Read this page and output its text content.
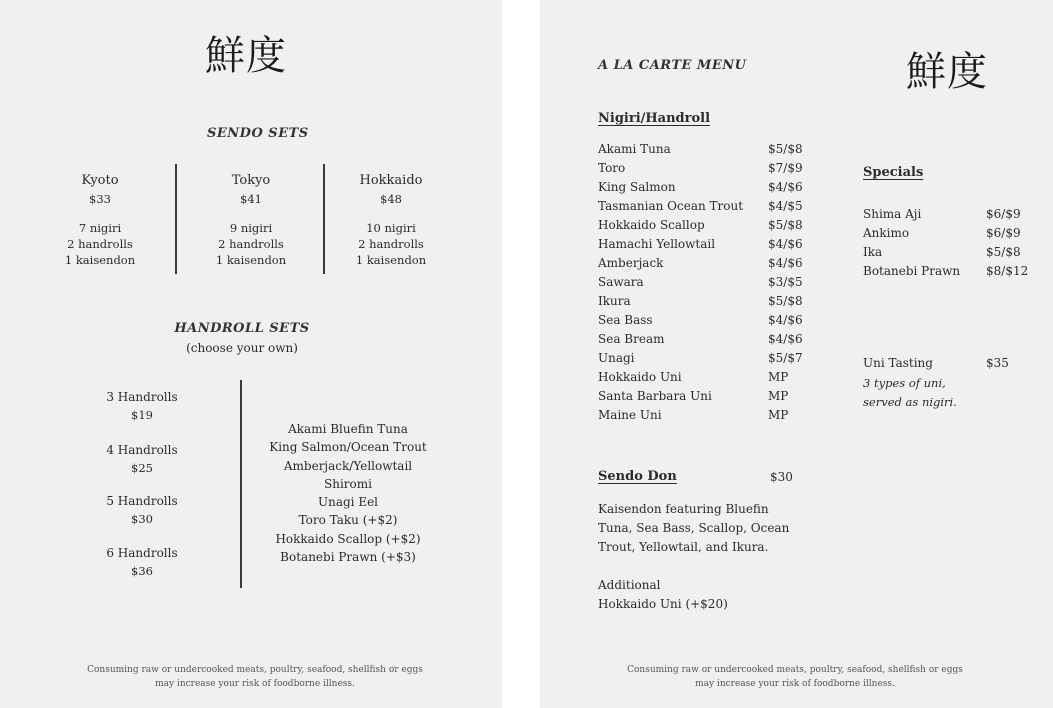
鮮度
SENDO SETS
Kyoto
$33
7 nigiri
2 handrolls
1 kaisendon
Tokyo
$41
9 nigiri
2 handrolls
1 kaisendon
Hokkaido
$48
10 nigiri
2 handrolls
1 kaisendon
HANDROLL SETS
(choose your own)
3 Handrolls
$19
4 Handrolls
$25
5 Handrolls
$30
6 Handrolls
$36
Akami Bluefin Tuna
King Salmon/Ocean Trout
Amberjack/Yellowtail
Shiromi
Unagi Eel
Toro Taku (+$2)
Hokkaido Scallop (+$2)
Botanebi Prawn (+$3)
Consuming raw or undercooked meats, poultry, seafood, shellfish or eggs
may increase your risk of foodborne illness.
A LA CARTE MENU	鮮度
Nigiri/Handroll
Akami Tuna	$5/$8
Toro	$7/$9
King Salmon	$4/$6
Tasmanian Ocean Trout $4/$5
Hokkaido Scallop	$5/$8
Hamachi Yellowtail	$4/$6
Amberjack	$4/$6
Sawara	$3/$5
Ikura	$5/$8
Sea Bass	$4/$6
Sea Bream	$4/$6
Unagi	$5/$7
Hokkaido Uni	MP
Santa Barbara Uni	MP
Maine Uni	MP
Specials
Shima Aji	$6/$9
Ankimo	$6/$9
Ika	$5/$8
Botanebi Prawn $8/$12
Uni Tasting	$35
3 types of uni,
served as nigiri.
Sendo Don	$30
Kaisendon featuring Bluefin
Tuna, Sea Bass, Scallop, Ocean
Trout, Yellowtail, and Ikura.
Additional
Hokkaido Uni (+$20)
Consuming raw or undercooked meats, poultry, seafood, shellfish or eggs
may increase your risk of foodborne illness.
